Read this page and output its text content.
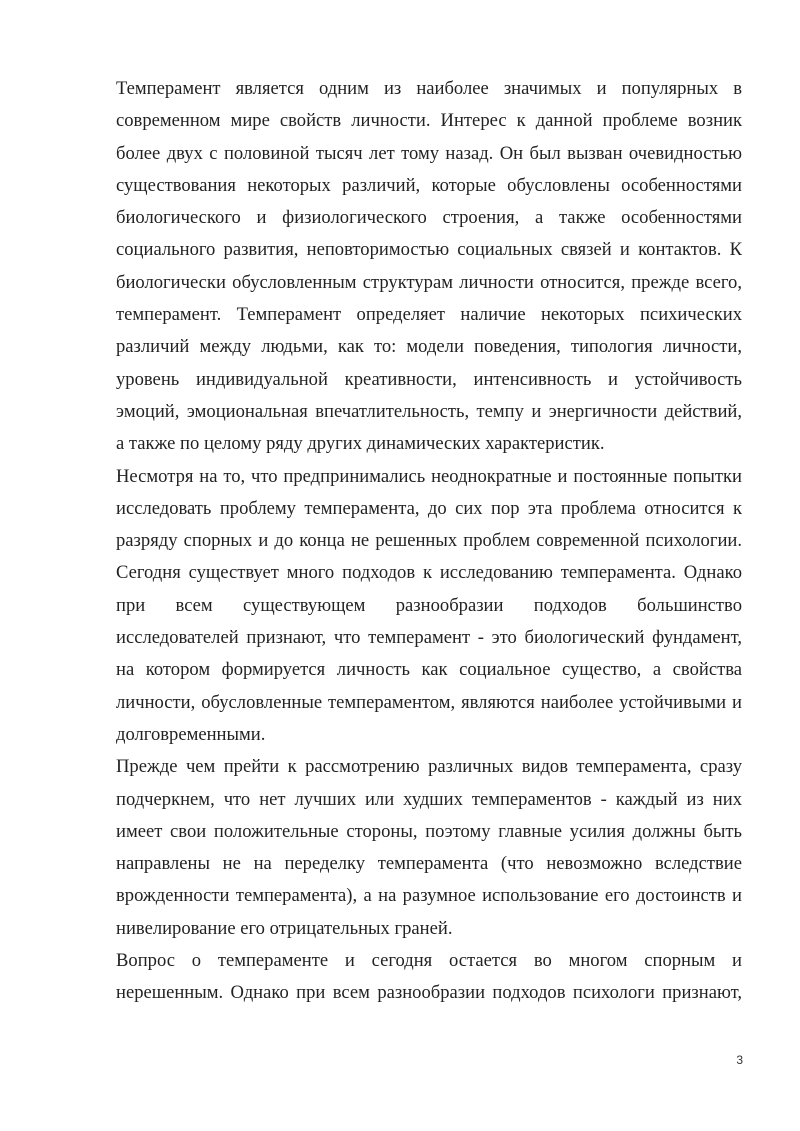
Темперамент является одним из наиболее значимых и популярных в
современном мире свойств личности. Интерес к данной проблеме возник
более двух с половиной тысяч лет тому назад. Он был вызван очевидностью
существования некоторых различий, которые обусловлены особенностями
биологического и физиологического строения, а также особенностями
социального развития, неповторимостью социальных связей и контактов. К
биологически обусловленным структурам личности относится, прежде всего,
темперамент. Темперамент определяет наличие некоторых психических
различий между людьми, как то: модели поведения, типология личности,
уровень индивидуальной креативности, интенсивность и устойчивость
эмоций, эмоциональная впечатлительность, темпу и энергичности действий,
а также по целому ряду других динамических характеристик.
Несмотря на то, что предпринимались неоднократные и постоянные попытки
исследовать проблему темперамента, до сих пор эта проблема относится к
разряду спорных и до конца не решенных проблем современной психологии.
Сегодня существует много подходов к исследованию темперамента. Однако
при всем существующем разнообразии подходов большинство
исследователей признают, что темперамент - это биологический фундамент,
на котором формируется личность как социальное существо, а свойства
личности, обусловленные темпераментом, являются наиболее устойчивыми и
долговременными.
Прежде чем прейти к рассмотрению различных видов темперамента, сразу
подчеркнем, что нет лучших или худших темпераментов - каждый из них
имеет свои положительные стороны, поэтому главные усилия должны быть
направлены не на переделку темперамента (что невозможно вследствие
врожденности темперамента), а на разумное использование его достоинств и
нивелирование его отрицательных граней.
Вопрос о темпераменте и сегодня остается во многом спорным и
нерешенным. Однако при всем разнообразии подходов психологи признают,
3
